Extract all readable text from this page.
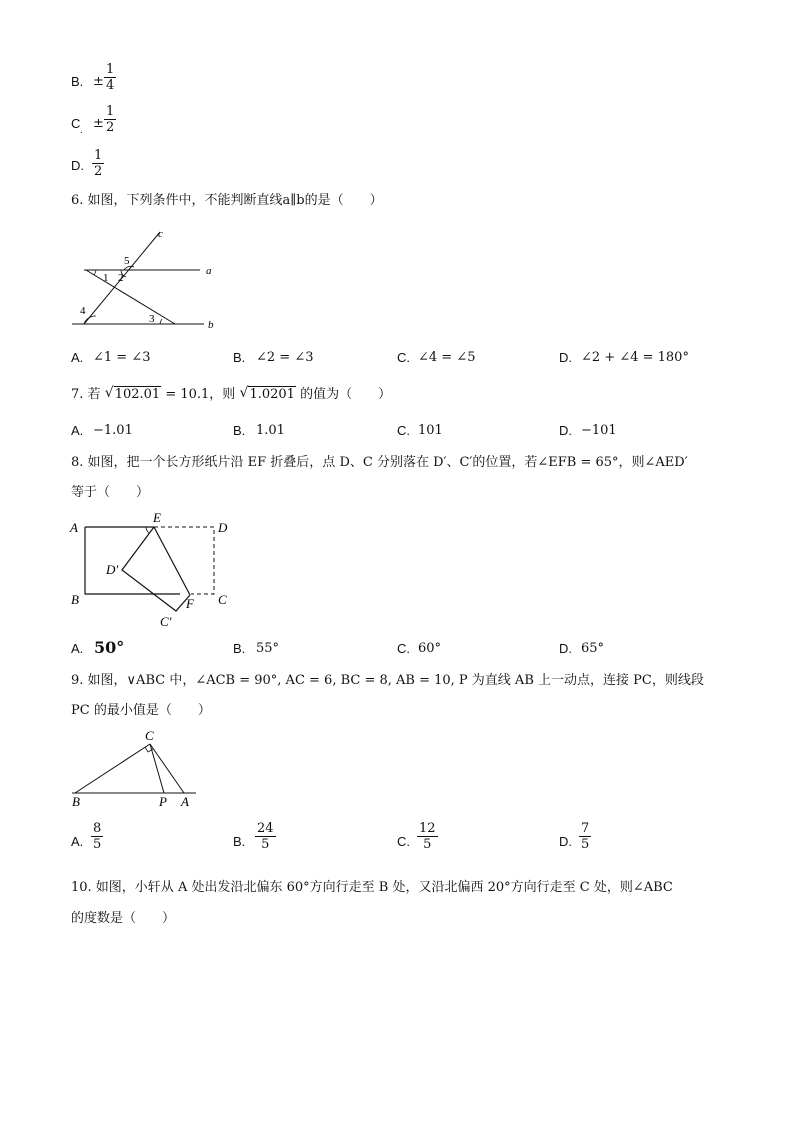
B. ± $\frac{1}{4}$
C . ± $\frac{1}{2}$
D. $\frac{1}{2}$
6. 如图，下列条件中，不能判断直线a∥b的是（　　）
c
a
b
1 2
3
4
5
A. ∠1 = ∠3	B. ∠2 = ∠3	C. ∠4 = ∠5	D. ∠2 + ∠4 = 180°
7. 若 √ 102.01 = 10.1，则 √ 1.0201 的值为（　　）
A. −1.01	B. 1.01	C. 101	D. −101
8. 如图，把一个长方形纸片沿 EF 折叠后，点 D、C 分别落在 D′、C′的位置，若∠EFB = 65°，则∠AED′
等于（　　）
A
E
D
D′
B	F C
C′
A. 50°	B. 55°	C. 60°	D. 65°
9. 如图，∨ABC 中，∠ACB = 90°, AC = 6, BC = 8, AB = 10, P 为直线 AB 上一动点，连接 PC，则线段
PC 的最小值是（　　）
C
B	P A
A. $\frac{8}{5}$	B. $\frac{24}{5}$	C. $\frac{12}{5}$	D. $\frac{7}{5}$
10. 如图，小轩从 A 处出发沿北偏东 60°方向行走至 B 处，又沿北偏西 20°方向行走至 C 处，则∠ABC
的度数是（　　）
